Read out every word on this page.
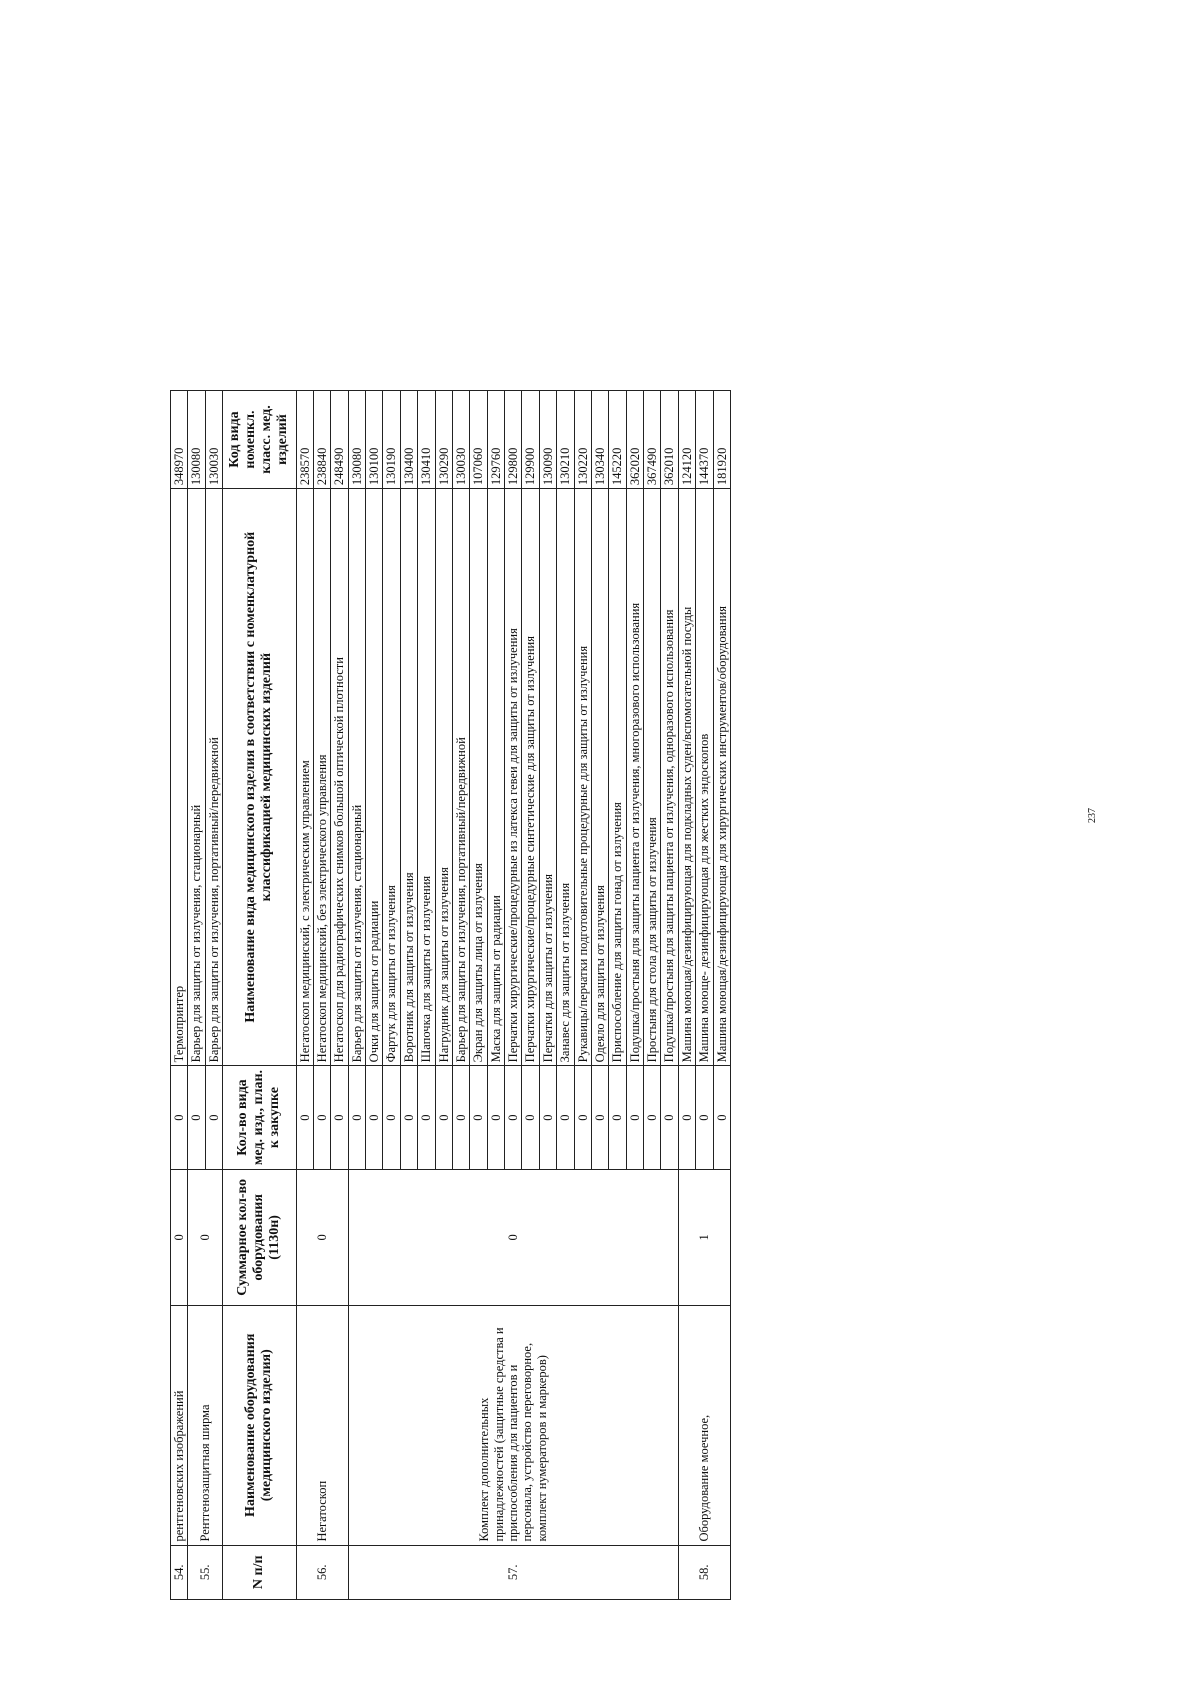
54.	рентгеновских изображений	0	0	Термопринтер	348970
55.	Рентгенозащитная ширма	0	0	Барьер для защиты от излучения, стационарный	130080
			0	Барьер для защиты от излучения, портативный/передвижной	130030
N п/п	Наименование оборудования (медицинского изделия)	Суммарное кол-во оборудования (1130н)	Кол-во вида мед. изд., план. к закупке	Наименование вида медицинского изделия в соответствии с номенклатурной классификацией медицинских изделий	Код вида номенкл. класс. мед. изделий
56.	Негатоскоп	0	0	Негатоскоп медицинский, с электрическим управлением	238570
			0	Негатоскоп медицинский, без электрического управления	238840
			0	Негатоскоп для радиографических снимков большой оптической плотности	248490
57.	Комплект дополнительных принадлежностей (защитные средства и приспособления для пациентов и персонала, устройство переговорное, комплект нумераторов и маркеров)	0	0	Барьер для защиты от излучения, стационарный	130080
			0	Очки для защиты от радиации	130100
			0	Фартук для защиты от излучения	130190
			0	Воротник для защиты от излучения	130400
			0	Шапочка для защиты от излучения	130410
			0	Нагрудник для защиты от излучения	130290
			0	Барьер для защиты от излучения, портативный/передвижной	130030
			0	Экран для защиты лица от излучения	107060
			0	Маска для защиты от радиации	129760
			0	Перчатки хирургические/процедурные из латекса гевеи для защиты от излучения	129800
			0	Перчатки хирургические/процедурные синтетические для защиты от излучения	129900
			0	Перчатки для защиты от излучения	130090
			0	Занавес для защиты от излучения	130210
			0	Рукавицы/перчатки подготовительные процедурные для защиты от излучения	130220
			0	Одеяло для защиты от излучения	130340
			0	Приспособление для защиты гонад от излучения	145220
			0	Подушка/простыня для защиты пациента от излучения, многоразового использования	362020
			0	Простыня для стола для защиты от излучения	367490
			0	Подушка/простыня для защиты пациента от излучения, одноразового использования	362010
58.	Оборудование моечное,	1	0	Машина моющая/дезинфицирующая для подкладных суден/вспомогательной посуды	124120
			0	Машина моюще- дезинфицирующая для жестких эндоскопов	144370
			0	Машина моющая/дезинфицирующая для хирургических инструментов/оборудования	181920
237
